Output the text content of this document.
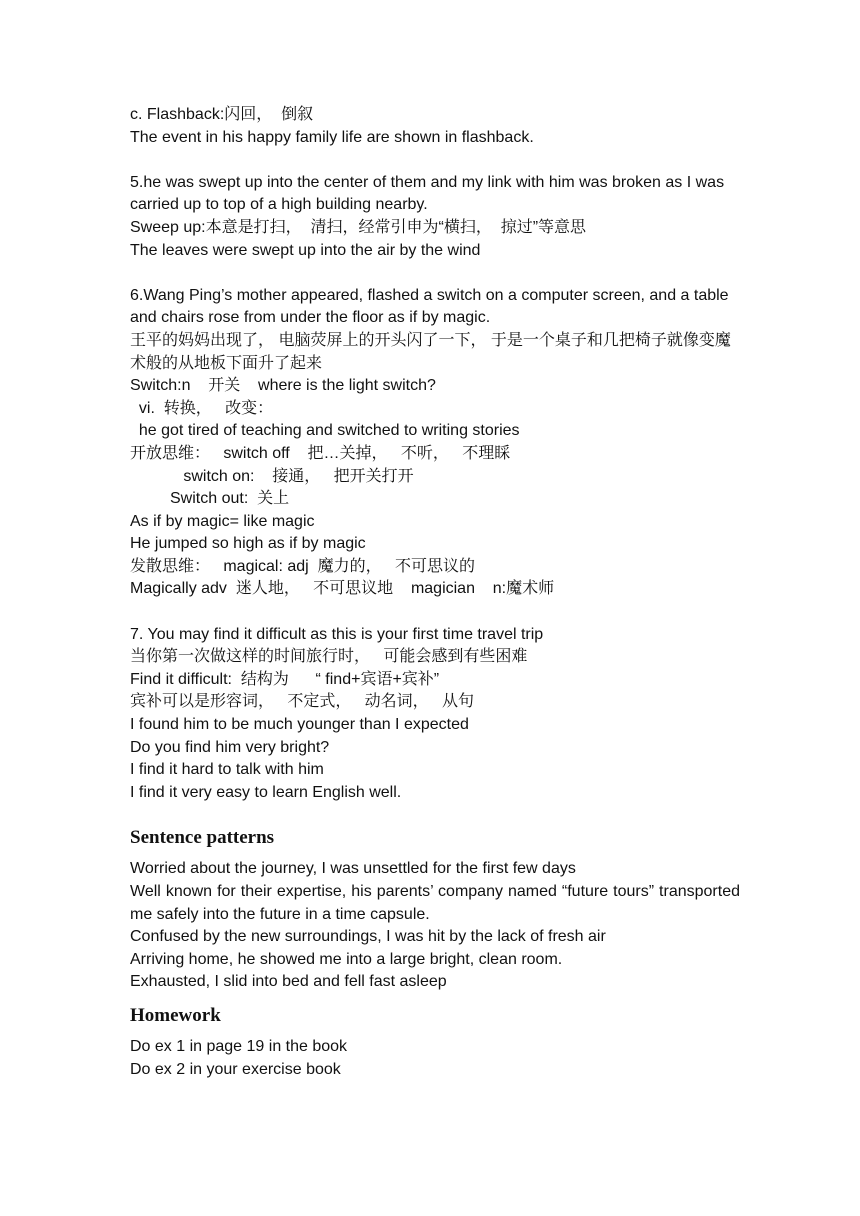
c. Flashback:闪回，  倒叙

The event in his happy family life are shown in flashback.

5.he was swept up into the center of them and my link with him was broken as I was carried up to top of a high building nearby.

Sweep up:本意是打扫，  清扫，经常引申为“横扫，  掠过”等意思

The leaves were swept up into the air by the wind

6.Wang Ping’s mother appeared, flashed a switch on a computer screen, and a table and chairs rose from under the floor as if by magic.

王平的妈妈出现了， 电脑荧屏上的开头闪了一下， 于是一个桌子和几把椅子就像变魔术般的从地板下面升了起来

Switch:n    开关    where is the light switch?

vi.  转换，   改变：

he got tired of teaching and switched to writing stories

开放思维：   switch off    把…关掉，   不听，   不理睬

switch on:    接通，   把开关打开

Switch out:  关上

As if by magic= like magic

He jumped so high as if by magic

发散思维：   magical: adj  魔力的，   不可思议的

Magically adv  迷人地，   不可思议地    magician    n:魔术师

7. You may find it difficult as this is your first time travel trip

当你第一次做这样的时间旅行时，   可能会感到有些困难

Find it difficult:  结构为      “ find+宾语+宾补”

宾补可以是形容词，   不定式，   动名词，   从句

I found him to be much younger than I expected

Do you find him very bright?

I find it hard to talk with him

I find it very easy to learn English well.

Sentence patterns

Worried about the journey, I was unsettled for the first few days

Well known for their expertise, his parents’ company named “future tours” transported me safely into the future in a time capsule.

Confused by the new surroundings, I was hit by the lack of fresh air

Arriving home, he showed me into a large bright, clean room.

Exhausted, I slid into bed and fell fast asleep

Homework

Do ex 1 in page 19 in the book

Do ex 2 in your exercise book
